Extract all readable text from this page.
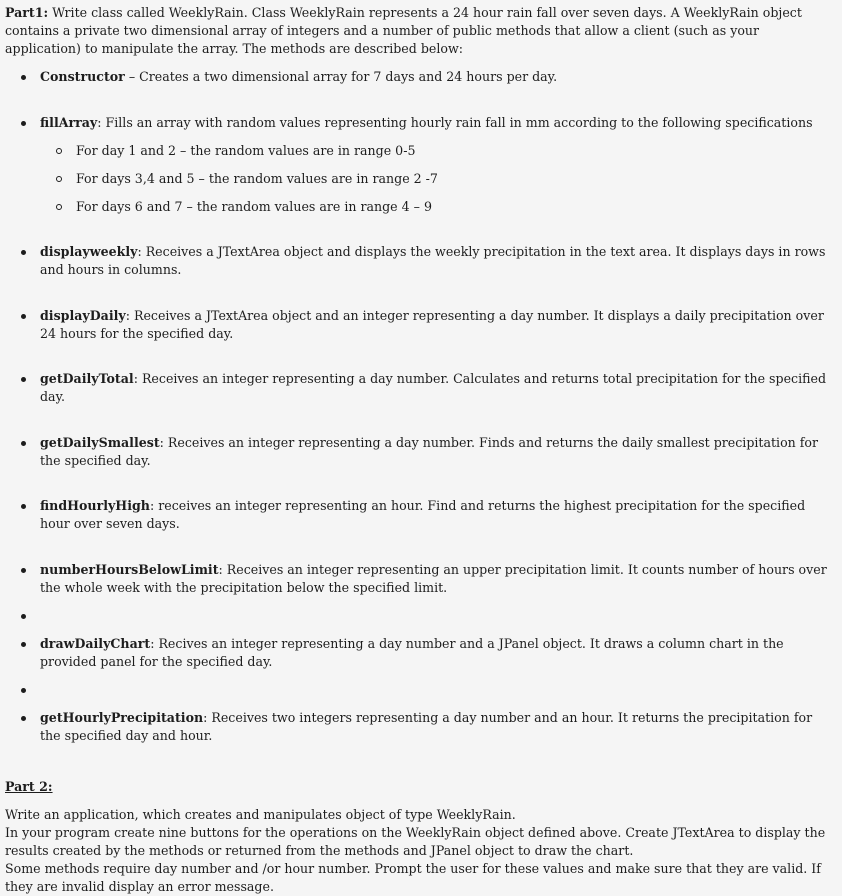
Part1: Write class called WeeklyRain. Class WeeklyRain represents a 24 hour rain fall over seven days. A WeeklyRain object contains a private two dimensional array of integers and a number of public methods that allow a client (such as your application) to manipulate the array. The methods are described below:

Constructor – Creates a two dimensional array for 7 days and 24 hours per day.
fillArray: Fills an array with random values representing hourly rain fall in mm according to the following specifications
For day 1 and 2 – the random values are in range 0-5
For days 3,4 and 5 – the random values are in range 2 -7
For days 6 and 7 – the random values are in range 4 – 9
displayweekly: Receives a JTextArea object and displays the weekly precipitation in the text area. It displays days in rows and hours in columns.
displayDaily: Receives a JTextArea object and an integer representing a day number. It displays a daily precipitation over 24 hours for the specified day.
getDailyTotal: Receives an integer representing a day number. Calculates and returns total precipitation for the specified day.
getDailySmallest: Receives an integer representing a day number. Finds and returns the daily smallest precipitation for the specified day.
findHourlyHigh: receives an integer representing an hour. Find and returns the highest precipitation for the specified hour over seven days.
numberHoursBelowLimit: Receives an integer representing an upper precipitation limit. It counts number of hours over the whole week with the precipitation below the specified limit.
drawDailyChart: Recives an integer representing a day number and a JPanel object. It draws a column chart in the provided panel for the specified day.
getHourlyPrecipitation: Receives two integers representing a day number and an hour. It returns the precipitation for the specified day and hour.

Part 2:

Write an application, which creates and manipulates object of type WeeklyRain.

In your program create nine buttons for the operations on the WeeklyRain object defined above. Create JTextArea to display the results created by the methods or returned from the methods and JPanel object to draw the chart.

Some methods require day number and /or hour number. Prompt the user for these values and make sure that they are valid. If they are invalid display an error message.
